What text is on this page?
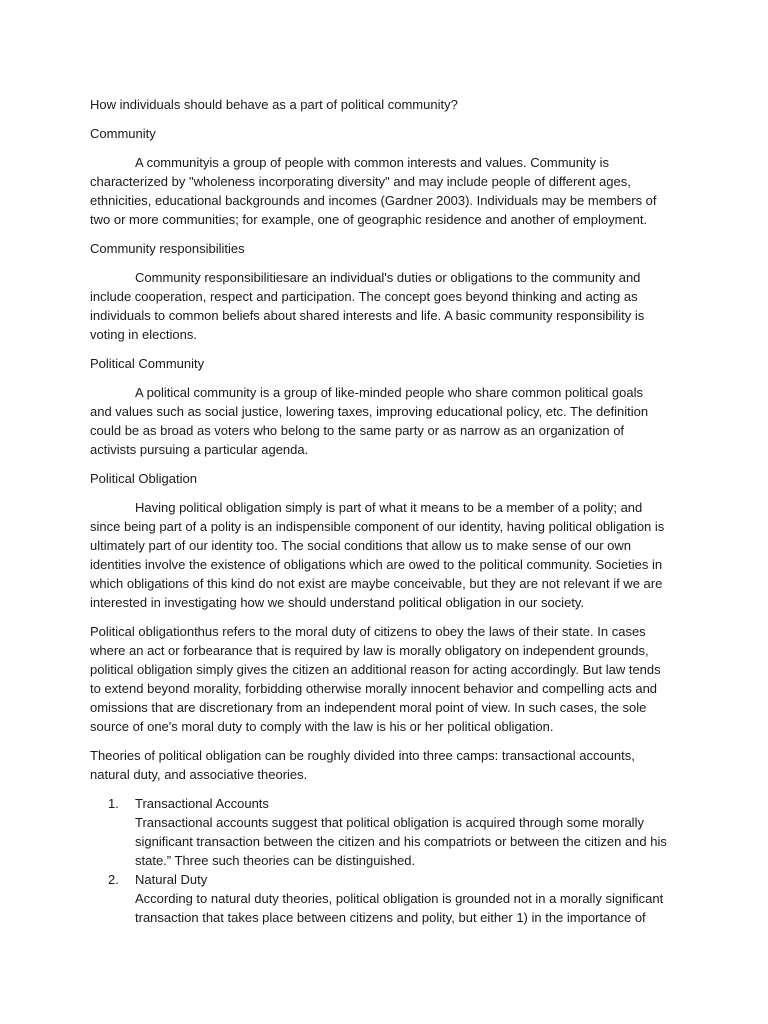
How individuals should behave as a part of political community?

Community

A communityis a group of people with common interests and values. Community is characterized by "wholeness incorporating diversity" and may include people of different ages, ethnicities, educational backgrounds and incomes (Gardner 2003). Individuals may be members of two or more communities; for example, one of geographic residence and another of employment.

Community responsibilities

Community responsibilitiesare an individual's duties or obligations to the community and include cooperation, respect and participation. The concept goes beyond thinking and acting as individuals to common beliefs about shared interests and life. A basic community responsibility is voting in elections.

Political Community

A political community is a group of like-minded people who share common political goals and values such as social justice, lowering taxes, improving educational policy, etc. The definition could be as broad as voters who belong to the same party or as narrow as an organization of activists pursuing a particular agenda.

Political Obligation

Having political obligation simply is part of what it means to be a member of a polity; and since being part of a polity is an indispensible component of our identity, having political obligation is ultimately part of our identity too. The social conditions that allow us to make sense of our own identities involve the existence of obligations which are owed to the political community. Societies in which obligations of this kind do not exist are maybe conceivable, but they are not relevant if we are interested in investigating how we should understand political obligation in our society.

Political obligationthus refers to the moral duty of citizens to obey the laws of their state. In cases where an act or forbearance that is required by law is morally obligatory on independent grounds, political obligation simply gives the citizen an additional reason for acting accordingly. But law tends to extend beyond morality, forbidding otherwise morally innocent behavior and compelling acts and omissions that are discretionary from an independent moral point of view. In such cases, the sole source of one's moral duty to comply with the law is his or her political obligation.

Theories of political obligation can be roughly divided into three camps: transactional accounts, natural duty, and associative theories.

1. Transactional Accounts
Transactional accounts suggest that political obligation is acquired through some morally significant transaction between the citizen and his compatriots or between the citizen and his state.” Three such theories can be distinguished.
2. Natural Duty
According to natural duty theories, political obligation is grounded not in a morally significant transaction that takes place between citizens and polity, but either 1) in the importance of
